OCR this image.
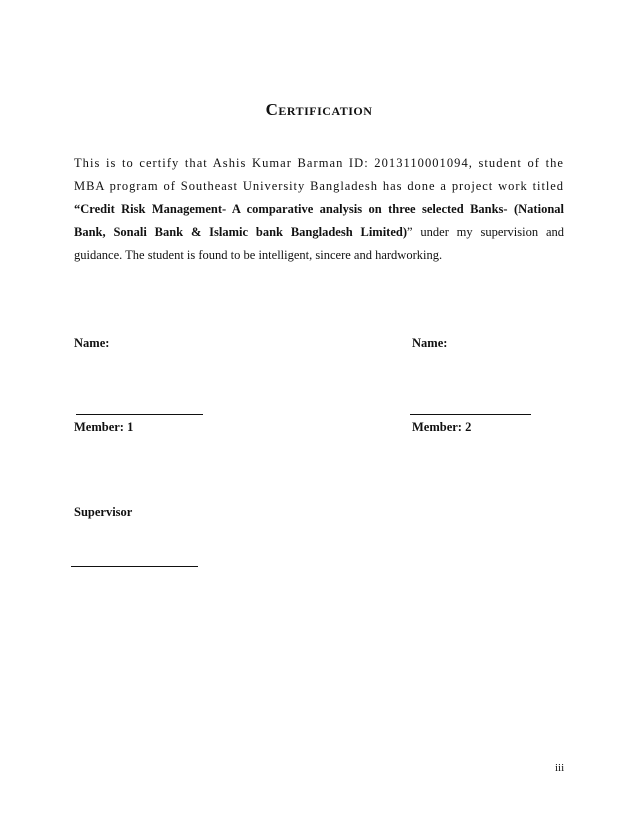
Certification
This is to certify that Ashis Kumar Barman ID: 2013110001094, student of the
MBA program of Southeast University Bangladesh has done a project work titled
“Credit Risk Management- A comparative analysis on three selected Banks- (National
Bank, Sonali Bank & Islamic bank Bangladesh Limited)” under my supervision and
guidance. The student is found to be intelligent, sincere and hardworking.
Name:	Name:
Member: 1	Member: 2
Supervisor
iii
